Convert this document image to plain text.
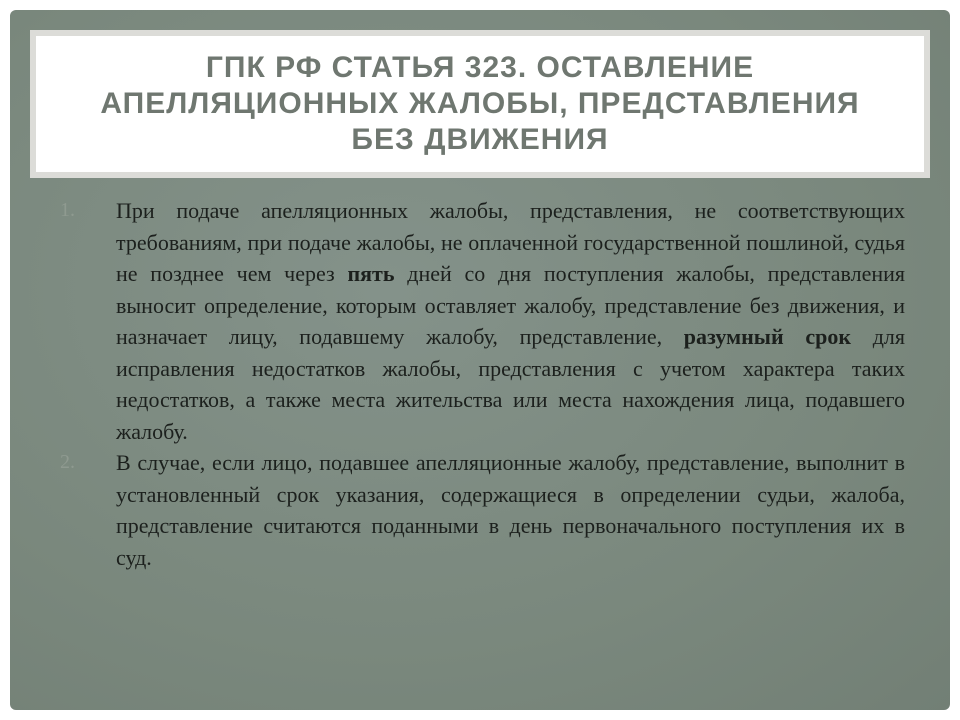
ГПК РФ СТАТЬЯ 323. ОСТАВЛЕНИЕ
АПЕЛЛЯЦИОННЫХ ЖАЛОБЫ, ПРЕДСТАВЛЕНИЯ
БЕЗ ДВИЖЕНИЯ
1.	При подаче апелляционных жалобы, представления, не соответствующих требованиям, при подаче жалобы, не оплаченной государственной пошлиной, судья не позднее чем через пять дней со дня поступления жалобы, представления выносит определение, которым оставляет жалобу, представление без движения, и назначает лицу, подавшему жалобу, представление, разумный срок для исправления недостатков жалобы, представления с учетом характера таких недостатков, а также места жительства или места нахождения лица, подавшего жалобу.
2.	В случае, если лицо, подавшее апелляционные жалобу, представление, выполнит в установленный срок указания, содержащиеся в определении судьи, жалоба, представление считаются поданными в день первоначального поступления их в суд.
